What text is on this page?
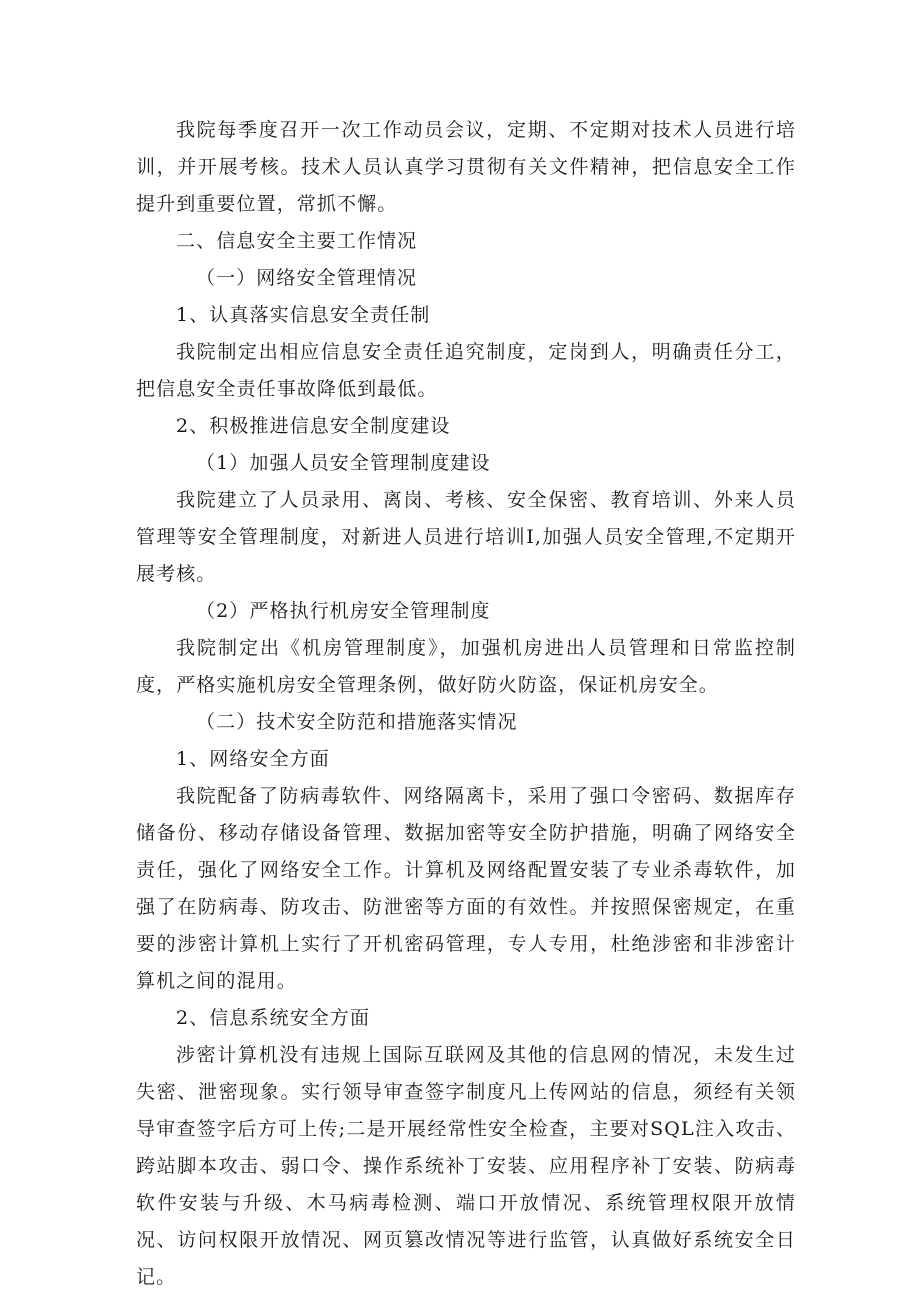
我院每季度召开一次工作动员会议，定期、不定期对技术人员进行培训，并开展考核。技术人员认真学习贯彻有关文件精神，把信息安全工作提升到重要位置，常抓不懈。

二、信息安全主要工作情况

（一）网络安全管理情况

1、认真落实信息安全责任制

我院制定出相应信息安全责任追究制度，定岗到人，明确责任分工，把信息安全责任事故降低到最低。

2、积极推进信息安全制度建设

（1）加强人员安全管理制度建设

我院建立了人员录用、离岗、考核、安全保密、教育培训、外来人员管理等安全管理制度，对新进人员进行培训I,加强人员安全管理,不定期开展考核。

（2）严格执行机房安全管理制度

我院制定出《机房管理制度》，加强机房进出人员管理和日常监控制度，严格实施机房安全管理条例，做好防火防盗，保证机房安全。

（二）技术安全防范和措施落实情况

1、网络安全方面

我院配备了防病毒软件、网络隔离卡，采用了强口令密码、数据库存储备份、移动存储设备管理、数据加密等安全防护措施，明确了网络安全责任，强化了网络安全工作。计算机及网络配置安装了专业杀毒软件，加强了在防病毒、防攻击、防泄密等方面的有效性。并按照保密规定，在重要的涉密计算机上实行了开机密码管理，专人专用，杜绝涉密和非涉密计算机之间的混用。

2、信息系统安全方面

涉密计算机没有违规上国际互联网及其他的信息网的情况，未发生过失密、泄密现象。实行领导审查签字制度凡上传网站的信息，须经有关领导审查签字后方可上传;二是开展经常性安全检查，主要对SQL注入攻击、跨站脚本攻击、弱口令、操作系统补丁安装、应用程序补丁安装、防病毒软件安装与升级、木马病毒检测、端口开放情况、系统管理权限开放情况、访问权限开放情况、网页篡改情况等进行监管，认真做好系统安全日记。
